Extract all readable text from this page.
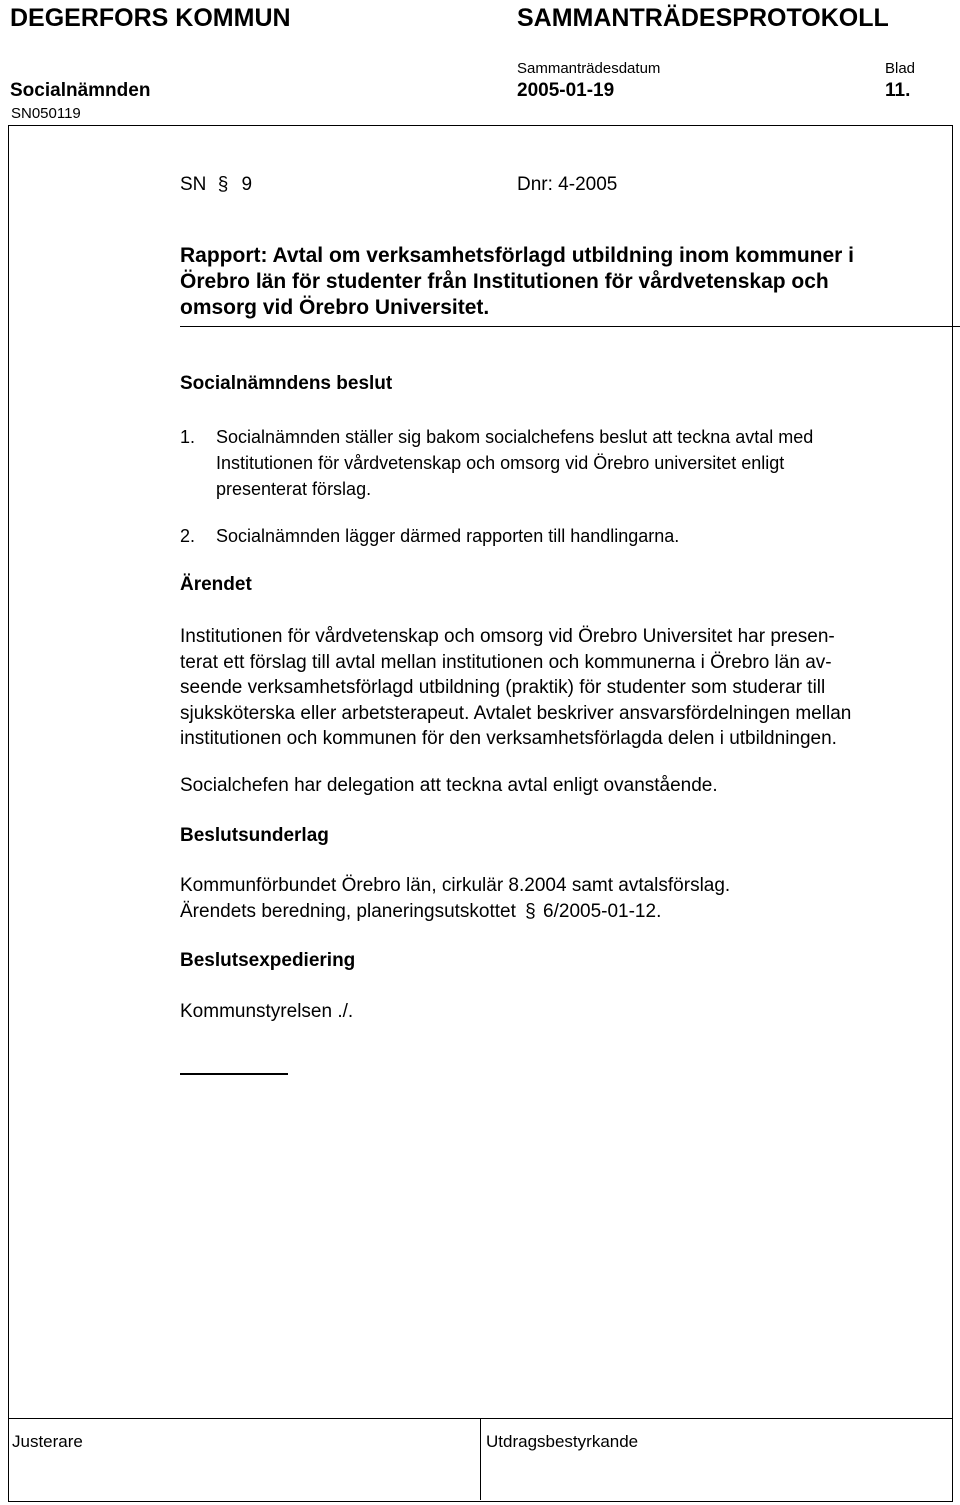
DEGERFORS KOMMUN	SAMMANTRÄDESPROTOKOLL
Sammanträdesdatum	Blad
Socialnämnden	2005-01-19	11.
SN050119
SN § 9	Dnr: 4-2005
Rapport: Avtal om verksamhetsförlagd utbildning inom kommuner i
Örebro län för studenter från Institutionen för vårdvetenskap och
omsorg vid Örebro Universitet.
Socialnämndens beslut
1. Socialnämnden ställer sig bakom socialchefens beslut att teckna avtal med
Institutionen för vårdvetenskap och omsorg vid Örebro universitet enligt
presenterat förslag.
2. Socialnämnden lägger därmed rapporten till handlingarna.
Ärendet
Institutionen för vårdvetenskap och omsorg vid Örebro Universitet har presen-
terat ett förslag till avtal mellan institutionen och kommunerna i Örebro län av-
seende verksamhetsförlagd utbildning (praktik) för studenter som studerar till
sjuksköterska eller arbetsterapeut. Avtalet beskriver ansvarsfördelningen mellan
institutionen och kommunen för den verksamhetsförlagda delen i utbildningen.
Socialchefen har delegation att teckna avtal enligt ovanstående.
Beslutsunderlag
Kommunförbundet Örebro län, cirkulär 8.2004 samt avtalsförslag.
Ärendets beredning, planeringsutskottet § 6/2005-01-12.
Beslutsexpediering
Kommunstyrelsen ./.
Justerare	Utdragsbestyrkande
